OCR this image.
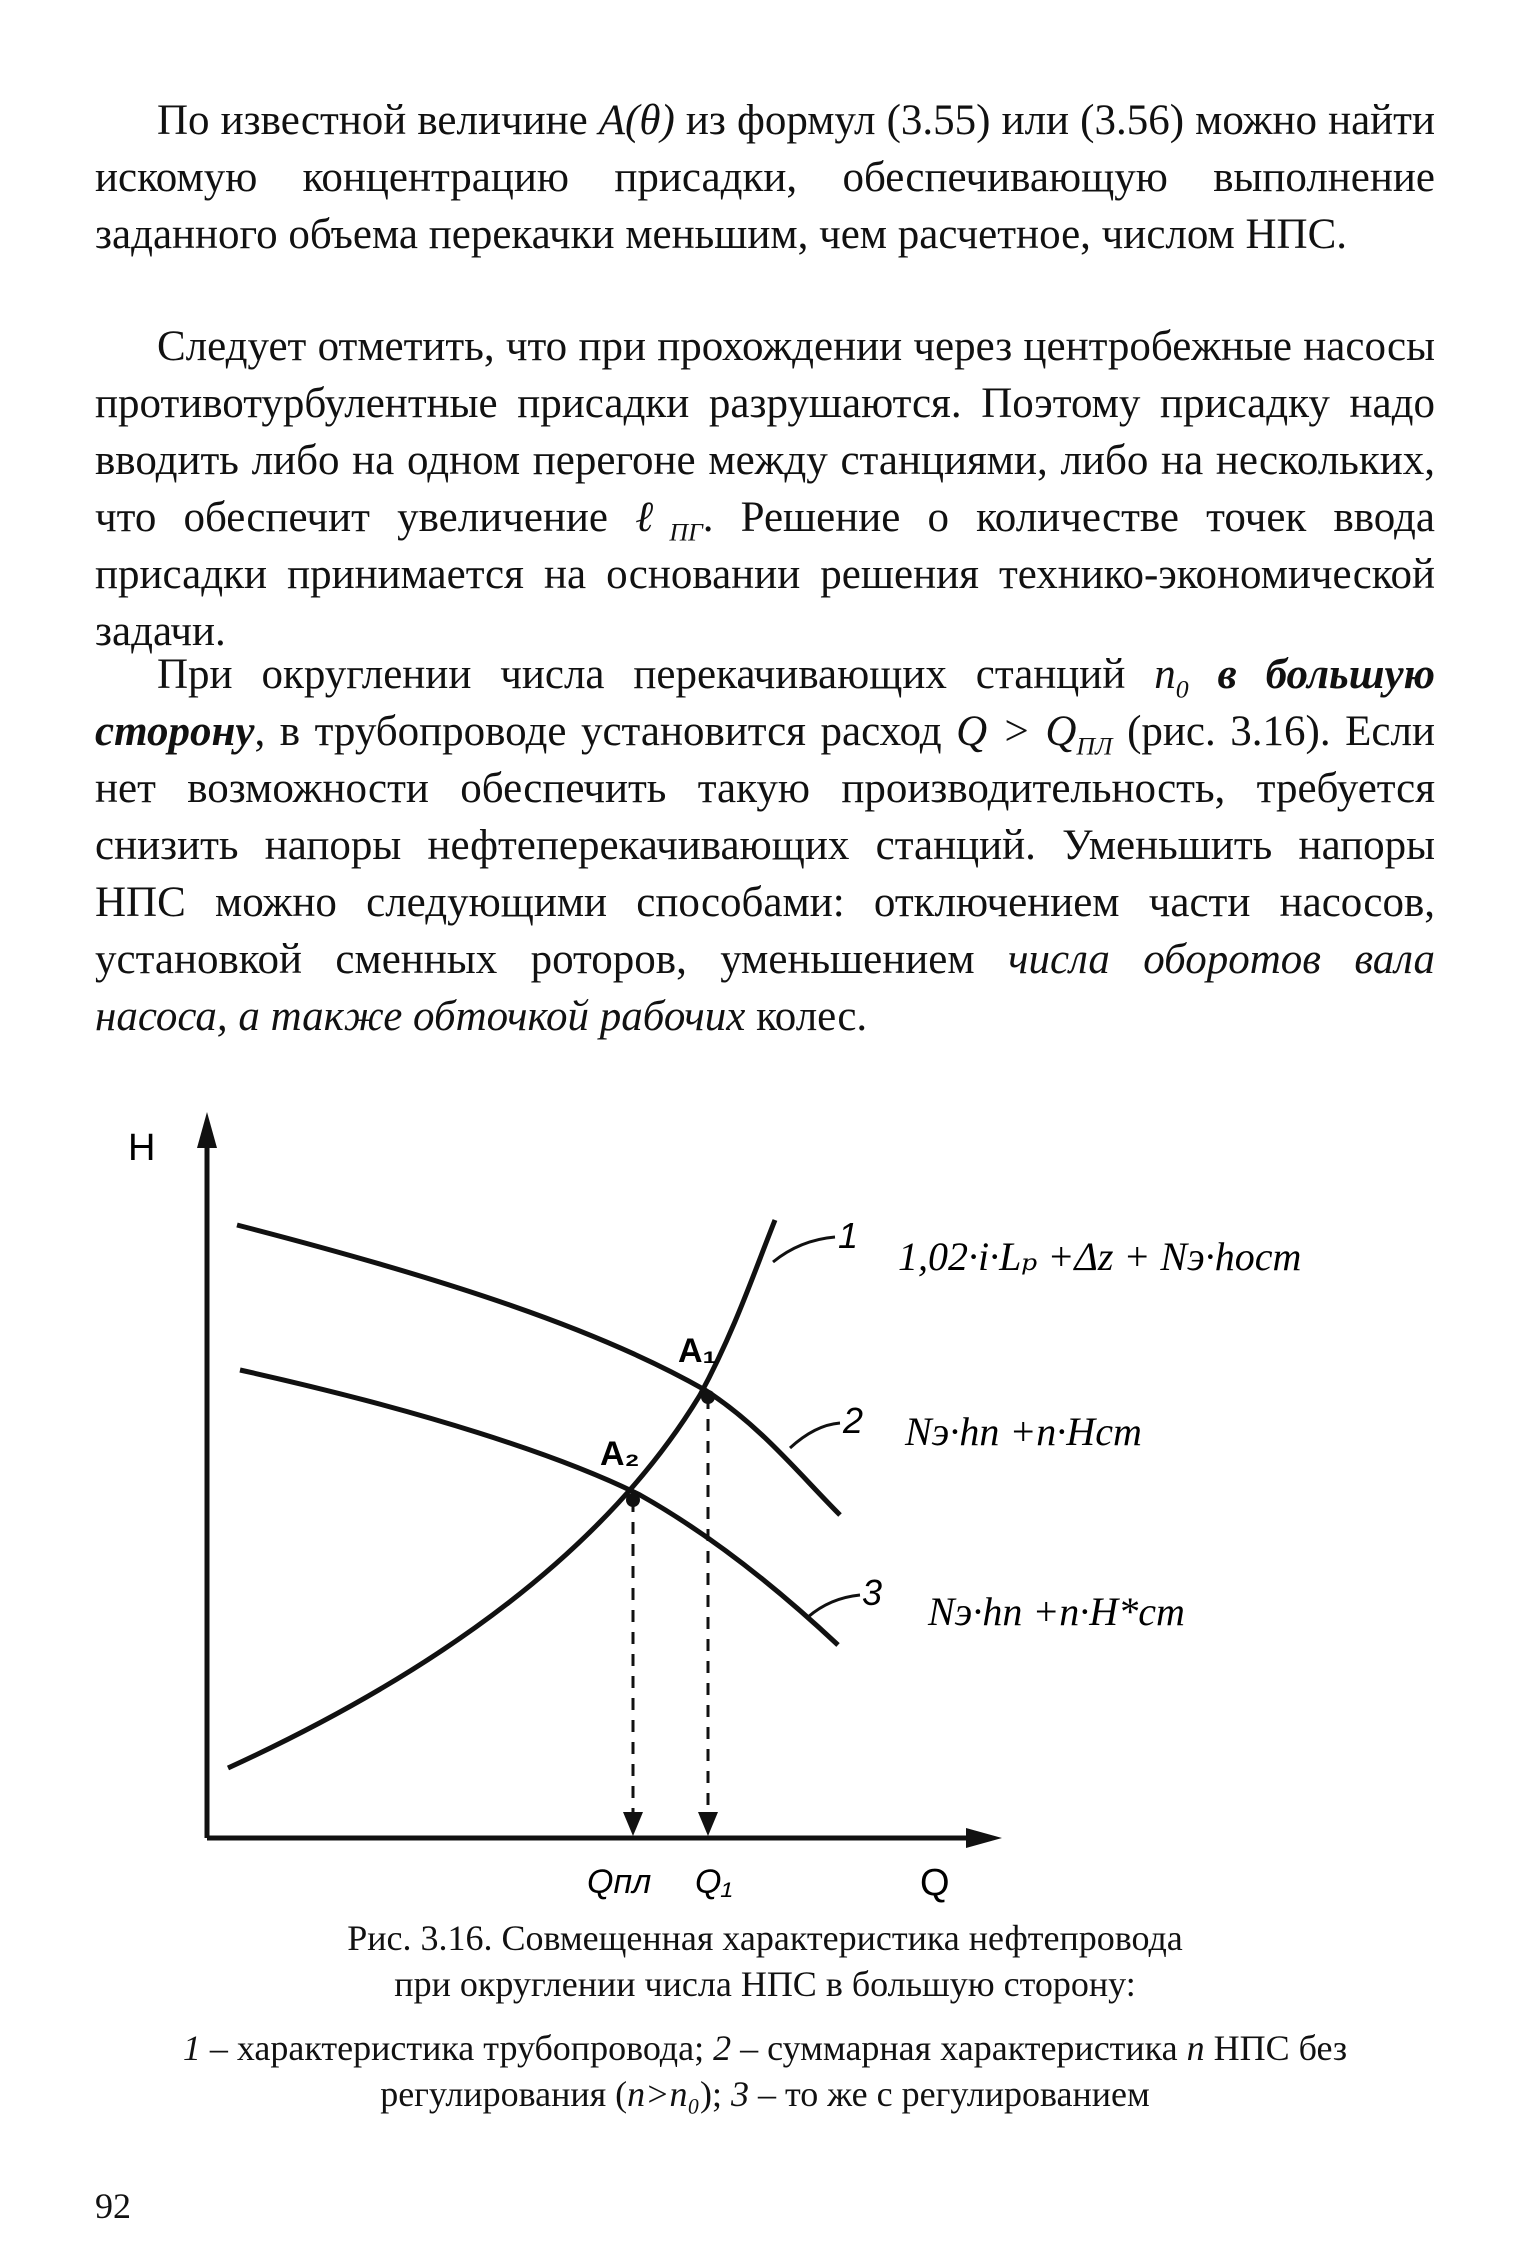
По известной величине A(θ) из формул (3.55) или (3.56) можно найти искомую концентрацию присадки, обеспечивающую выполнение заданного объема перекачки меньшим, чем расчетное, числом НПС.

Следует отметить, что при прохождении через центробежные насосы противотурбулентные присадки разрушаются. Поэтому присадку надо вводить либо на одном перегоне между станциями, либо на нескольких, что обеспечит увеличение ℓ$_{ПГ}$. Решение о количестве точек ввода присадки принимается на основании решения технико-экономической задачи.

При округлении числа перекачивающих станций $n_0$ в большую сторону, в трубопроводе установится расход $Q > Q_{ПЛ}$ (рис. 3.16). Если нет возможности обеспечить такую производительность, требуется снизить напоры нефтеперекачивающих станций. Уменьшить напоры НПС можно следующими способами: отключением части насосов, установкой сменных роторов, уменьшением числа оборотов вала насоса, а также обточкой рабочих колес.

H
Q
A₁
A₂
Qпл Q₁
1
2
3
1,02·i·Lₚ +Δz + Nэ·hост
Nэ·hп +n·Hст
Nэ·hп +n·H*ст
Рис. 3.16. Совмещенная характеристика нефтепровода
при округлении числа НПС в большую сторону:
1 – характеристика трубопровода; 2 – суммарная характеристика n НПС без регулирования (n>n₀); 3 – то же с регулированием
92
